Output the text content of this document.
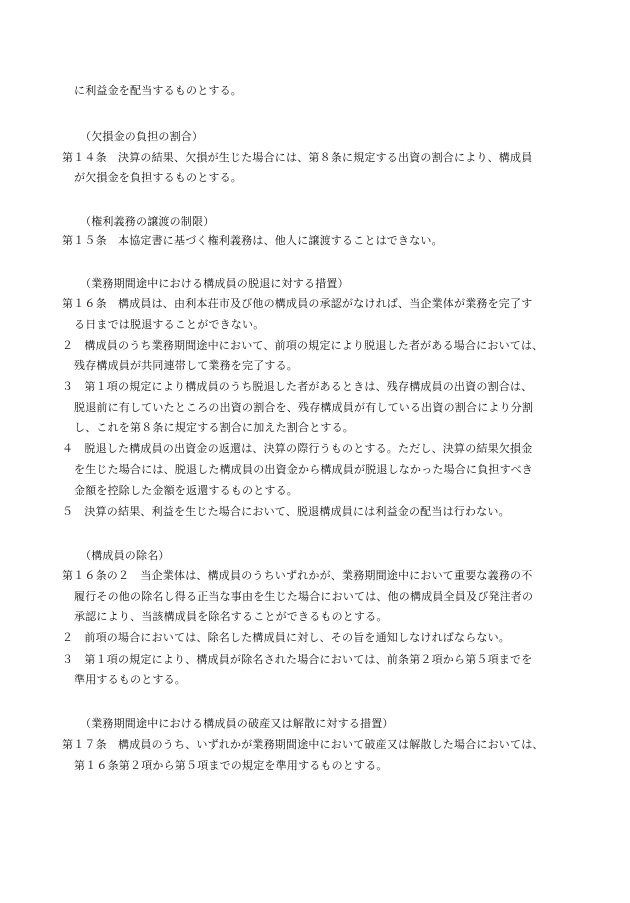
に利益金を配当するものとする。
（欠損金の負担の割合）
第１４条　決算の結果、欠損が生じた場合には、第８条に規定する出資の割合により、構成員
が欠損金を負担するものとする。
（権利義務の譲渡の制限）
第１５条　本協定書に基づく権利義務は、他人に譲渡することはできない。
（業務期間途中における構成員の脱退に対する措置）
第１６条　構成員は、由利本荘市及び他の構成員の承認がなければ、当企業体が業務を完了す
る日までは脱退することができない。
２　構成員のうち業務期間途中において、前項の規定により脱退した者がある場合においては、
残存構成員が共同連帯して業務を完了する。
３　第１項の規定により構成員のうち脱退した者があるときは、残存構成員の出資の割合は、
脱退前に有していたところの出資の割合を、残存構成員が有している出資の割合により分割
し、これを第８条に規定する割合に加えた割合とする。
４　脱退した構成員の出資金の返還は、決算の際行うものとする。ただし、決算の結果欠損金
を生じた場合には、脱退した構成員の出資金から構成員が脱退しなかった場合に負担すべき
金額を控除した金額を返還するものとする。
５　決算の結果、利益を生じた場合において、脱退構成員には利益金の配当は行わない。
（構成員の除名）
第１６条の２　当企業体は、構成員のうちいずれかが、業務期間途中において重要な義務の不
履行その他の除名し得る正当な事由を生じた場合においては、他の構成員全員及び発注者の
承認により、当該構成員を除名することができるものとする。
２　前項の場合においては、除名した構成員に対し、その旨を通知しなければならない。
３　第１項の規定により、構成員が除名された場合においては、前条第２項から第５項までを
準用するものとする。
（業務期間途中における構成員の破産又は解散に対する措置）
第１７条　構成員のうち、いずれかが業務期間途中において破産又は解散した場合においては、
第１６条第２項から第５項までの規定を準用するものとする。
